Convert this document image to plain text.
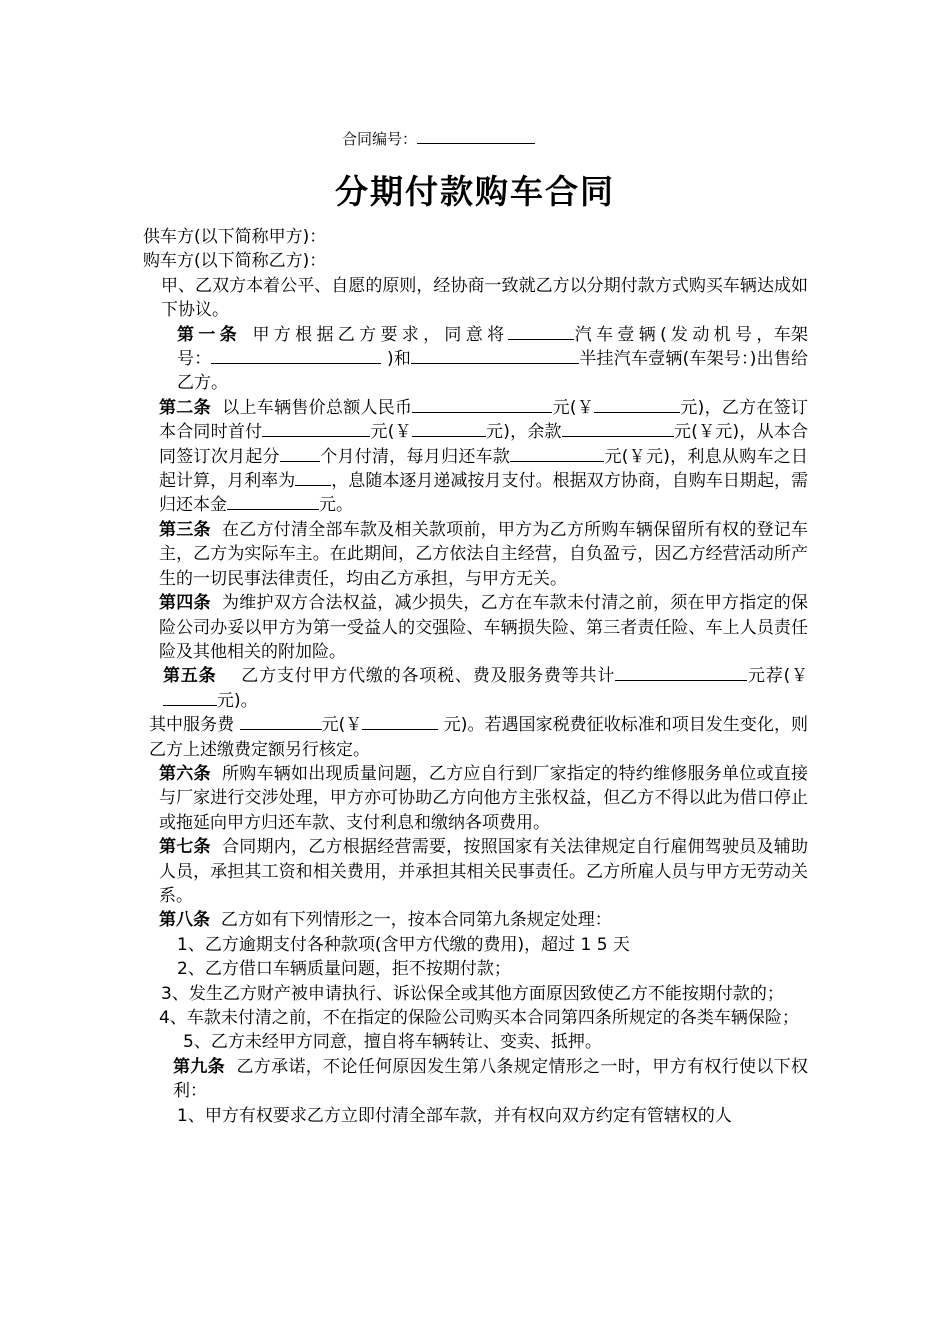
合同编号：
分期付款购车合同

供车方(以下简称甲方)：

购车方(以下简称乙方)：

甲、乙双方本着公平、自愿的原则，经协商一致就乙方以分期付款方式购买车辆达成如下协议。

第一条 甲方根据乙方要求，同意将	汽车壹辆(发动机号，车架号：	)和	半挂汽车壹辆(车架号：)出售给乙方。

第二条 以上车辆售价总额人民币	元(￥	元)，乙方在签订本合同时首付	元(￥	元)，余款	元(￥元)，从本合同签订次月起分 个月付清，每月归还车款	元(￥元)，利息从购车之日起计算，月利率为 ，息随本逐月递减按月支付。根据双方协商，自购车日期起，需归还本金	元。

第三条 在乙方付清全部车款及相关款项前，甲方为乙方所购车辆保留所有权的登记车主，乙方为实际车主。在此期间，乙方依法自主经营，自负盈亏，因乙方经营活动所产生的一切民事法律责任，均由乙方承担，与甲方无关。

第四条 为维护双方合法权益，减少损失，乙方在车款未付清之前，须在甲方指定的保险公司办妥以甲方为第一受益人的交强险、车辆损失险、第三者责任险、车上人员责任险及其他相关的附加险。

第五条 乙方支付甲方代缴的各项税、费及服务费等共计	元荐(￥元)。

其中服务费	元(￥	元)。若遇国家税费征收标准和项目发生变化，则乙方上述缴费定额另行核定。

第六条 所购车辆如出现质量问题，乙方应自行到厂家指定的特约维修服务单位或直接与厂家进行交涉处理，甲方亦可协助乙方向他方主张权益，但乙方不得以此为借口停止或拖延向甲方归还车款、支付利息和缴纳各项费用。

第七条 合同期内，乙方根据经营需要，按照国家有关法律规定自行雇佣驾驶员及辅助人员，承担其工资和相关费用，并承担其相关民事责任。乙方所雇人员与甲方无劳动关系。

第八条 乙方如有下列情形之一，按本合同第九条规定处理：

1、乙方逾期支付各种款项(含甲方代缴的费用)，超过 1 5 天

2、乙方借口车辆质量问题，拒不按期付款；

3、发生乙方财产被申请执行、诉讼保全或其他方面原因致使乙方不能按期付款的；

4、车款未付清之前，不在指定的保险公司购买本合同第四条所规定的各类车辆保险；

5、乙方未经甲方同意，擅自将车辆转让、变卖、抵押。

第九条 乙方承诺，不论任何原因发生第八条规定情形之一时，甲方有权行使以下权利：

1、甲方有权要求乙方立即付清全部车款，并有权向双方约定有管辖权的人
